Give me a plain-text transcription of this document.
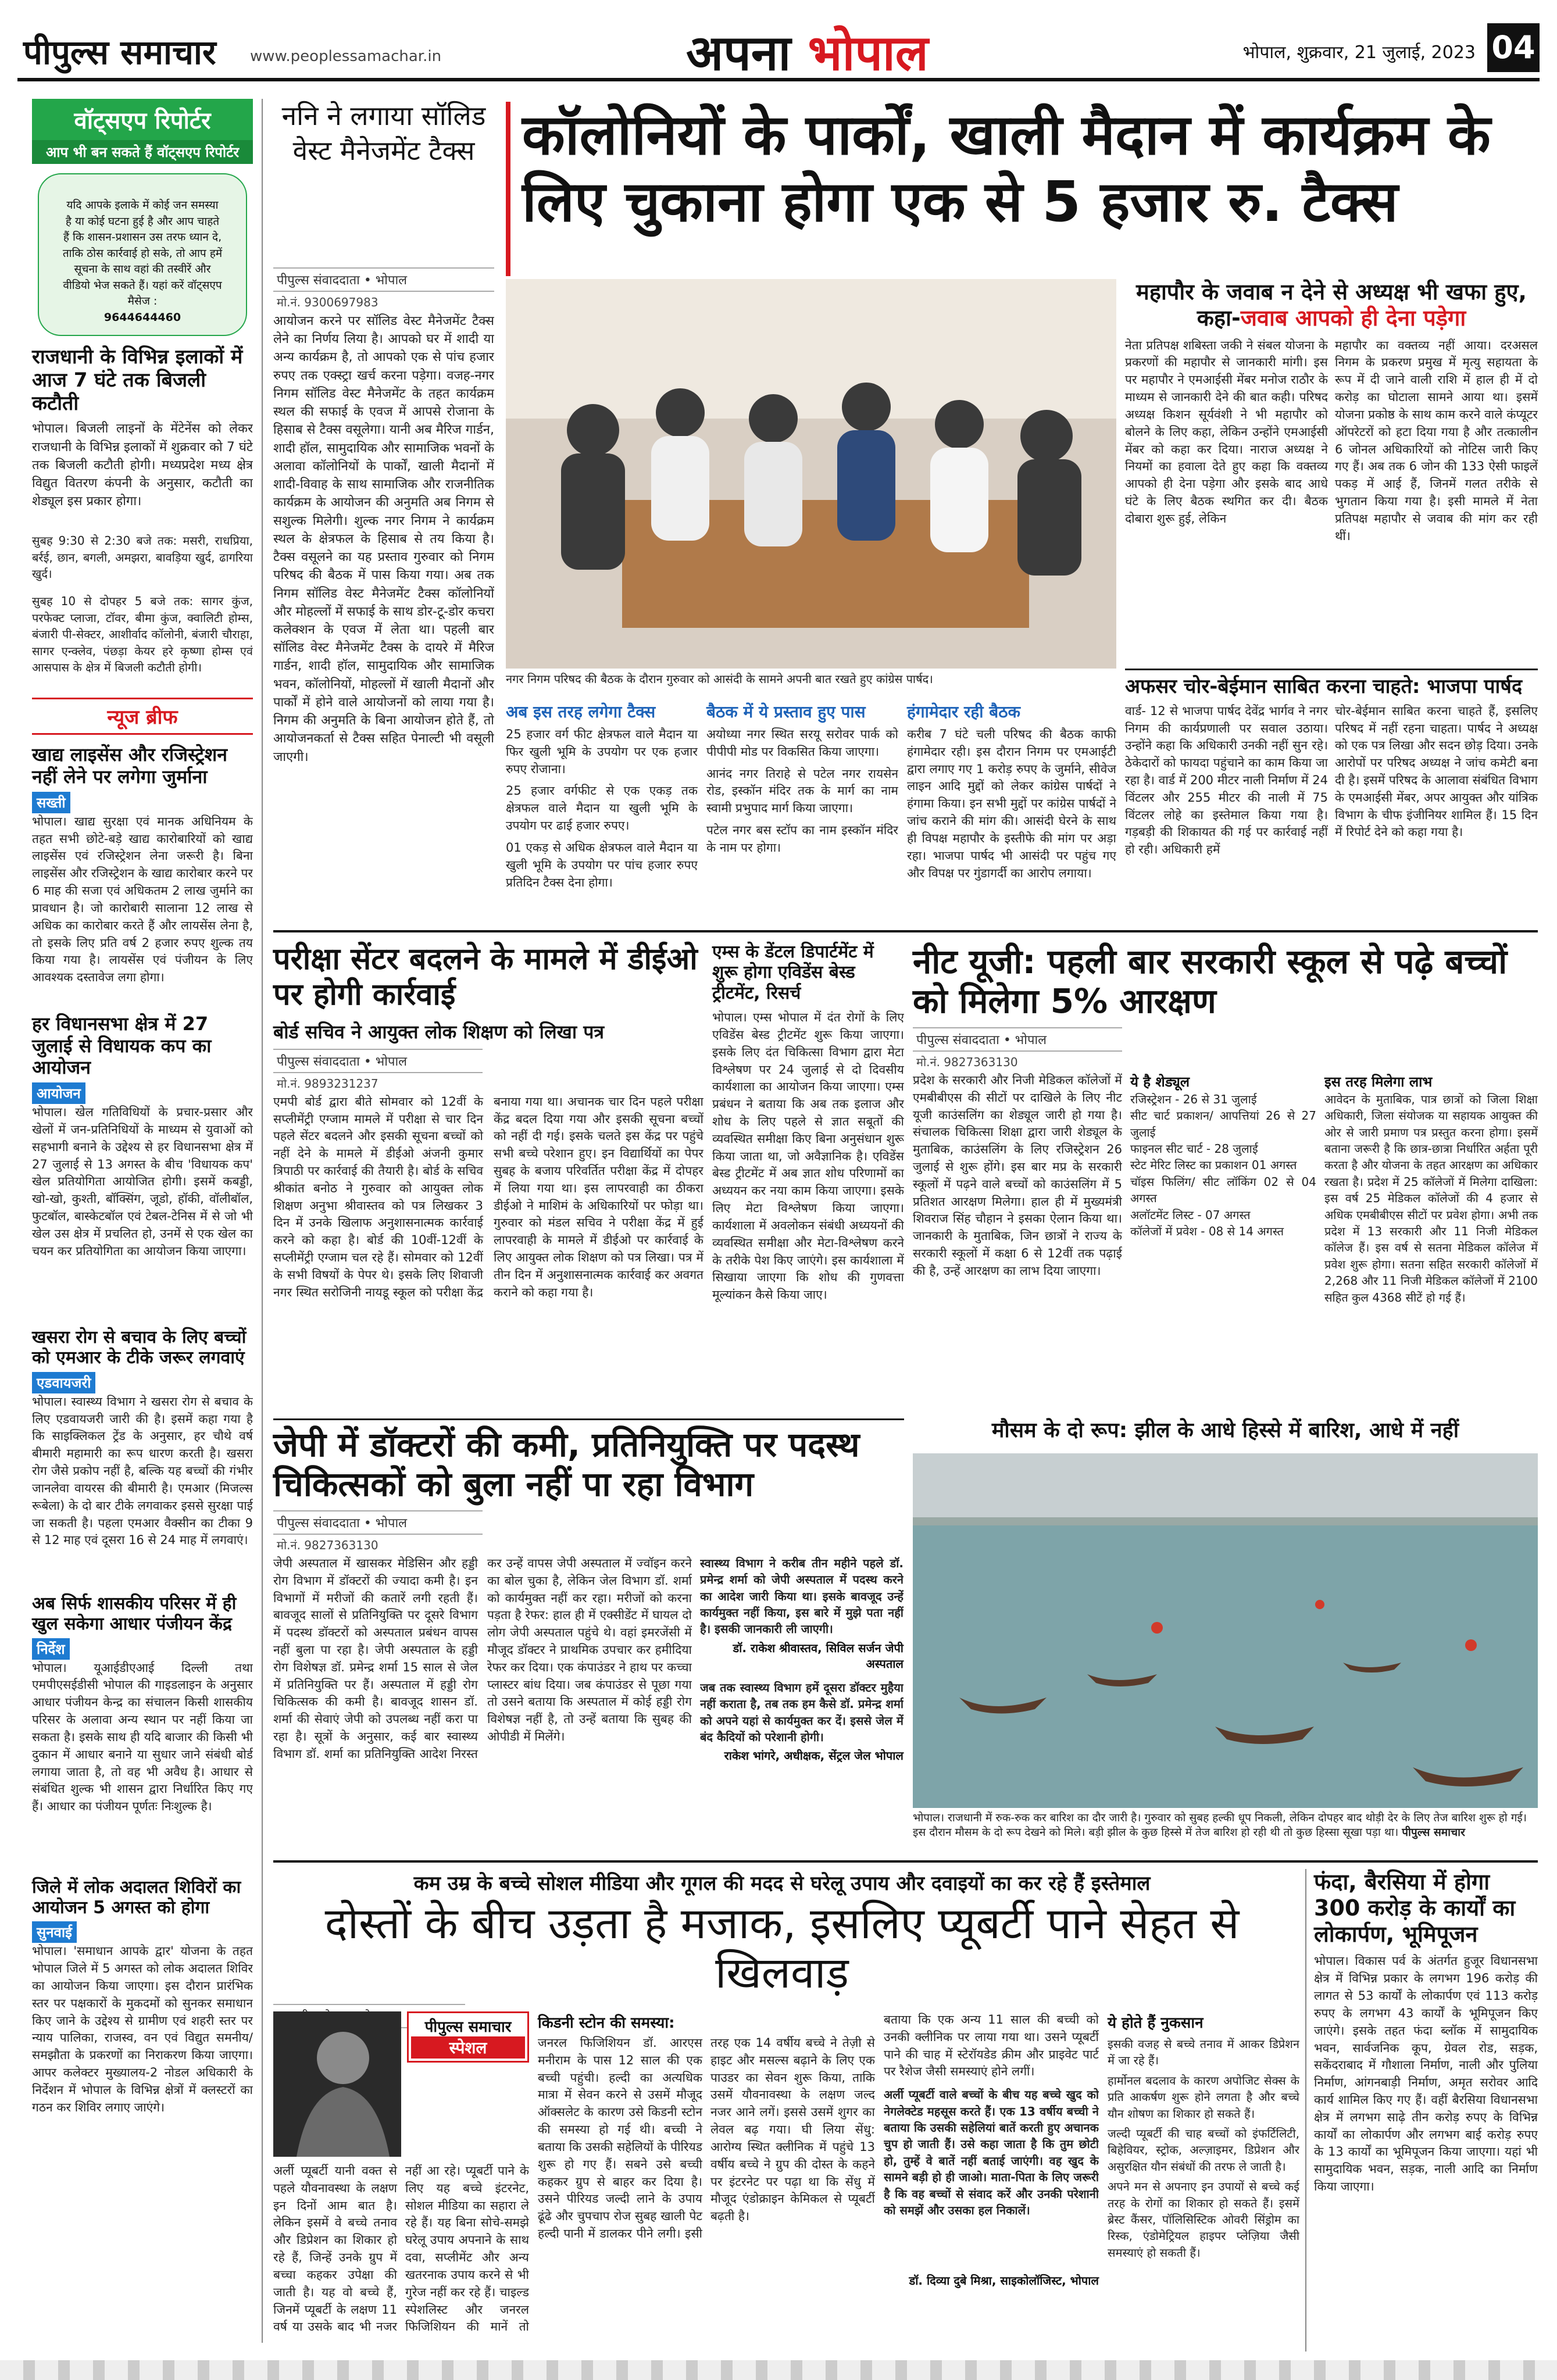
पीपुल्स समाचार www.peoplessamachar.in	अपना भोपाल	भोपाल, शुक्रवार, 21 जुलाई, 2023 04
वॉट्सएप रिपोर्टर
आप भी बन सकते हैं वॉट्सएप रिपोर्टर
यदि आपके इलाके में कोई जन समस्या है या कोई घटना हुई है और आप चाहते हैं कि शासन-प्रशासन उस तरफ ध्यान दे, ताकि ठोस कार्रवाई हो सके, तो आप हमें सूचना के साथ वहां की तस्वीरें और वीडियो भेज सकते हैं। यहां करें वॉट्सएप मैसेज :
9644644460
राजधानी के विभिन्न इलाकों में आज 7 घंटे तक बिजली कटौती
भोपाल। बिजली लाइनों के मेंटेनेंस को लेकर राजधानी के विभिन्न इलाकों में शुक्रवार को 7 घंटे तक बिजली कटौती होगी। मध्यप्रदेश मध्य क्षेत्र विद्युत वितरण कंपनी के अनुसार, कटौती का शेड्यूल इस प्रकार होगा।
सुबह 9:30 से 2:30 बजे तक: मसरी, राधप्रिया, बर्रई, छान, बगली, अमझरा, बावड़िया खुर्द, ढागरिया खुर्द।
सुबह 10 से दोपहर 5 बजे तक: सागर कुंज, परफेक्ट प्लाजा, टॉवर, बीमा कुंज, क्वालिटी होम्स, बंजारी पी-सेक्टर, आशीर्वाद कॉलोनी, बंजारी चौराहा, सागर एन्क्लेव, पंछड़ा केयर हरे कृष्णा होम्स एवं आसपास के क्षेत्र में बिजली कटौती होगी।
न्यूज ब्रीफ
खाद्य लाइसेंस और रजिस्ट्रेशन नहीं लेने पर लगेगा जुर्माना
सख्ती
भोपाल। खाद्य सुरक्षा एवं मानक अधिनियम के तहत सभी छोटे-बड़े खाद्य कारोबारियों को खाद्य लाइसेंस एवं रजिस्ट्रेशन लेना जरूरी है। बिना लाइसेंस और रजिस्ट्रेशन के खाद्य कारोबार करने पर 6 माह की सजा एवं अधिकतम 2 लाख जुर्माने का प्रावधान है। जो कारोबारी सालाना 12 लाख से अधिक का कारोबार करते हैं और लायसेंस लेना है, तो इसके लिए प्रति वर्ष 2 हजार रुपए शुल्क तय किया गया है। लायसेंस एवं पंजीयन के लिए आवश्यक दस्तावेज लगा होगा।
हर विधानसभा क्षेत्र में 27 जुलाई से विधायक कप का आयोजन
आयोजन
भोपाल। खेल गतिविधियों के प्रचार-प्रसार और खेलों में जन-प्रतिनिधियों के माध्यम से युवाओं को सहभागी बनाने के उद्देश्य से हर विधानसभा क्षेत्र में 27 जुलाई से 13 अगस्त के बीच 'विधायक कप' खेल प्रतियोगिता आयोजित होगी। इसमें कबड्डी, खो-खो, कुश्ती, बॉक्सिंग, जूडो, हॉकी, वॉलीबॉल, फुटबॉल, बास्केटबॉल एवं टेबल-टेनिस में से जो भी खेल उस क्षेत्र में प्रचलित हो, उनमें से एक खेल का चयन कर प्रतियोगिता का आयोजन किया जाएगा।
खसरा रोग से बचाव के लिए बच्चों को एमआर के टीके जरूर लगवाएं
एडवायजरी
भोपाल। स्वास्थ्य विभाग ने खसरा रोग से बचाव के लिए एडवायजरी जारी की है। इसमें कहा गया है कि साइक्लिकल ट्रेंड के अनुसार, हर चौथे वर्ष बीमारी महामारी का रूप धारण करती है। खसरा रोग जैसे प्रकोप नहीं है, बल्कि यह बच्चों की गंभीर जानलेवा वायरस की बीमारी है। एमआर (मिजल्स रूबेला) के दो बार टीके लगवाकर इससे सुरक्षा पाई जा सकती है। पहला एमआर वैक्सीन का टीका 9 से 12 माह एवं दूसरा 16 से 24 माह में लगवाएं।
अब सिर्फ शासकीय परिसर में ही खुल सकेगा आधार पंजीयन केंद्र
निर्देश
भोपाल। यूआईडीएआई दिल्ली तथा एमपीएसईडीसी भोपाल की गाइडलाइन के अनुसार आधार पंजीयन केन्द्र का संचालन किसी शासकीय परिसर के अलावा अन्य स्थान पर नहीं किया जा सकता है। इसके साथ ही यदि बाजार की किसी भी दुकान में आधार बनाने या सुधार जाने संबंधी बोर्ड लगाया जाता है, तो वह भी अवैध है। आधार से संबंधित शुल्क भी शासन द्वारा निर्धारित किए गए हैं। आधार का पंजीयन पूर्णतः निःशुल्क है।
जिले में लोक अदालत शिविरों का आयोजन 5 अगस्त को होगा
सुनवाई
भोपाल। 'समाधान आपके द्वार' योजना के तहत भोपाल जिले में 5 अगस्त को लोक अदालत शिविर का आयोजन किया जाएगा। इस दौरान प्रारंभिक स्तर पर पक्षकारों के मुकदमों को सुनकर समाधान किए जाने के उद्देश्य से ग्रामीण एवं शहरी स्तर पर न्याय पालिका, राजस्व, वन एवं विद्युत समनीय/समझौता के प्रकरणों का निराकरण किया जाएगा। आपर कलेक्टर मुख्यालय-2 नोडल अधिकारी के निर्देशन में भोपाल के विभिन्न क्षेत्रों में क्लस्टरों का गठन कर शिविर लगाए जाएंगे।
ननि ने लगाया सॉलिड वेस्ट मैनेजमेंट टैक्स
पीपुल्स संवाददाता • भोपाल
मो.नं. 9300697983
आयोजन करने पर सॉलिड वेस्ट मैनेजमेंट टैक्स लेने का निर्णय लिया है। आपको घर में शादी या अन्य कार्यक्रम है, तो आपको एक से पांच हजार रुपए तक एक्स्ट्रा खर्च करना पड़ेगा। वजह-नगर निगम सॉलिड वेस्ट मैनेजमेंट के तहत कार्यक्रम स्थल की सफाई के एवज में आपसे रोजाना के हिसाब से टैक्स वसूलेगा। यानी अब मैरिज गार्डन, शादी हॉल, सामुदायिक और सामाजिक भवनों के अलावा कॉलोनियों के पार्कों, खाली मैदानों में शादी-विवाह के साथ सामाजिक और राजनीतिक कार्यक्रम के आयोजन की अनुमति अब निगम से सशुल्क मिलेगी। शुल्क नगर निगम ने कार्यक्रम स्थल के क्षेत्रफल के हिसाब से तय किया है। टैक्स वसूलने का यह प्रस्ताव गुरुवार को निगम परिषद की बैठक में पास किया गया। अब तक निगम सॉलिड वेस्ट मैनेजमेंट टैक्स कॉलोनियों और मोहल्लों में सफाई के साथ डोर-टू-डोर कचरा कलेक्शन के एवज में लेता था। पहली बार सॉलिड वेस्ट मैनेजमेंट टैक्स के दायरे में मैरिज गार्डन, शादी हॉल, सामुदायिक और सामाजिक भवन, कॉलोनियों, मोहल्लों में खाली मैदानों और पार्कों में होने वाले आयोजनों को लाया गया है। निगम की अनुमति के बिना आयोजन होते हैं, तो आयोजनकर्ता से टैक्स सहित पेनाल्टी भी वसूली जाएगी।
कॉलोनियों के पार्कों, खाली मैदान में कार्यक्रम के लिए चुकाना होगा एक से 5 हजार रु. टैक्स
नगर निगम परिषद की बैठक के दौरान गुरुवार को आसंदी के सामने अपनी बात रखते हुए कांग्रेस पार्षद।
अब इस तरह लगेगा टैक्स
25 हजार वर्ग फीट क्षेत्रफल वाले मैदान या फिर खुली भूमि के उपयोग पर एक हजार रुपए रोजाना।
25 हजार वर्गफीट से एक एकड़ तक क्षेत्रफल वाले मैदान या खुली भूमि के उपयोग पर ढाई हजार रुपए।
01 एकड़ से अधिक क्षेत्रफल वाले मैदान या खुली भूमि के उपयोग पर पांच हजार रुपए प्रतिदिन टैक्स देना होगा।
बैठक में ये प्रस्ताव हुए पास
अयोध्या नगर स्थित सरयू सरोवर पार्क को पीपीपी मोड पर विकसित किया जाएगा।
आनंद नगर तिराहे से पटेल नगर रायसेन रोड, इस्कॉन मंदिर तक के मार्ग का नाम स्वामी प्रभुपाद मार्ग किया जाएगा।
पटेल नगर बस स्टॉप का नाम इस्कॉन मंदिर के नाम पर होगा।
हंगामेदार रही बैठक
करीब 7 घंटे चली परिषद की बैठक काफी हंगामेदार रही। इस दौरान निगम पर एमआईटी द्वारा लगाए गए 1 करोड़ रुपए के जुर्माने, सीवेज लाइन आदि मुद्दों को लेकर कांग्रेस पार्षदों ने हंगामा किया। इन सभी मुद्दों पर कांग्रेस पार्षदों ने जांच कराने की मांग की। आसंदी घेरने के साथ ही विपक्ष महापौर के इस्तीफे की मांग पर अड़ा रहा। भाजपा पार्षद भी आसंदी पर पहुंच गए और विपक्ष पर गुंडागर्दी का आरोप लगाया।
महापौर के जवाब न देने से अध्यक्ष भी खफा हुए, कहा-जवाब आपको ही देना पड़ेगा
नेता प्रतिपक्ष शबिस्ता जकी ने संबल योजना के प्रकरणों की महापौर से जानकारी मांगी। इस पर महापौर ने एमआईसी मेंबर मनोज राठौर के माध्यम से जानकारी देने की बात कही। परिषद अध्यक्ष किशन सूर्यवंशी ने भी महापौर को बोलने के लिए कहा, लेकिन उन्होंने एमआईसी मेंबर को कहा कर दिया। नाराज अध्यक्ष ने नियमों का हवाला देते हुए कहा कि वक्तव्य आपको ही देना पड़ेगा और इसके बाद आधे घंटे के लिए बैठक स्थगित कर दी। बैठक दोबारा शुरू हुई, लेकिन
महापौर का वक्तव्य नहीं आया। दरअसल निगम के प्रकरण प्रमुख में मृत्यु सहायता के रूप में दी जाने वाली राशि में हाल ही में दो करोड़ का घोटाला सामने आया था। इसमें योजना प्रकोष्ठ के साथ काम करने वाले कंप्यूटर ऑपरेटरों को हटा दिया गया है और तत्कालीन 6 जोनल अधिकारियों को नोटिस जारी किए गए हैं। अब तक 6 जोन की 133 ऐसी फाइलें पकड़ में आई हैं, जिनमें गलत तरीके से भुगतान किया गया है। इसी मामले में नेता प्रतिपक्ष महापौर से जवाब की मांग कर रही थीं।
अफसर चोर-बेईमान साबित करना चाहते: भाजपा पार्षद
वार्ड- 12 से भाजपा पार्षद देवेंद्र भार्गव ने नगर निगम की कार्यप्रणाली पर सवाल उठाया। उन्होंने कहा कि अधिकारी उनकी नहीं सुन रहे। ठेकेदारों को फायदा पहुंचाने का काम किया जा रहा है। वार्ड में 200 मीटर नाली निर्माण में 24 विंटलर और 255 मीटर की नाली में 75 विंटलर लोहे का इस्तेमाल किया गया है। गड़बड़ी की शिकायत की गई पर कार्रवाई नहीं हो रही। अधिकारी हमें
चोर-बेईमान साबित करना चाहते हैं, इसलिए परिषद में नहीं रहना चाहता। पार्षद ने अध्यक्ष को एक पत्र लिखा और सदन छोड़ दिया। उनके आरोपों पर परिषद अध्यक्ष ने जांच कमेटी बना दी है। इसमें परिषद के आलावा संबंधित विभाग के एमआईसी मेंबर, अपर आयुक्त और यांत्रिक विभाग के चीफ इंजीनियर शामिल हैं। 15 दिन में रिपोर्ट देने को कहा गया है।
परीक्षा सेंटर बदलने के मामले में डीईओ पर होगी कार्रवाई
बोर्ड सचिव ने आयुक्त लोक शिक्षण को लिखा पत्र
पीपुल्स संवाददाता • भोपाल
मो.नं. 9893231237
एमपी बोर्ड द्वारा बीते सोमवार को 12वीं के सप्लीमेंट्री एग्जाम मामले में परीक्षा से चार दिन पहले सेंटर बदलने और इसकी सूचना बच्चों को नहीं देने के मामले में डीईओ अंजनी कुमार त्रिपाठी पर कार्रवाई की तैयारी है। बोर्ड के सचिव श्रीकांत बनोठ ने गुरुवार को आयुक्त लोक शिक्षण अनुभा श्रीवास्तव को पत्र लिखकर 3 दिन में उनके खिलाफ अनुशासनात्मक कार्रवाई करने को कहा है। बोर्ड की 10वीं-12वीं के सप्लीमेंट्री एग्जाम चल रहे हैं। सोमवार को 12वीं के सभी विषयों के पेपर थे। इसके लिए शिवाजी नगर स्थित सरोजिनी नायडू स्कूल को परीक्षा केंद्र बनाया गया था। अचानक चार दिन पहले परीक्षा केंद्र बदल दिया गया और इसकी सूचना बच्चों को नहीं दी गई। इसके चलते इस केंद्र पर पहुंचे सभी बच्चे परेशान हुए। इन विद्यार्थियों का पेपर सुबह के बजाय परिवर्तित परीक्षा केंद्र में दोपहर में लिया गया था। इस लापरवाही का ठीकरा डीईओ ने माशिमं के अधिकारियों पर फोड़ा था। गुरुवार को मंडल सचिव ने परीक्षा केंद्र में हुई लापरवाही के मामले में डीईओ पर कार्रवाई के लिए आयुक्त लोक शिक्षण को पत्र लिखा। पत्र में तीन दिन में अनुशासनात्मक कार्रवाई कर अवगत कराने को कहा गया है।
एम्स के डेंटल डिपार्टमेंट में शुरू होगा एविडेंस बेस्ड ट्रीटमेंट, रिसर्च
भोपाल। एम्स भोपाल में दंत रोगों के लिए एविडेंस बेस्ड ट्रीटमेंट शुरू किया जाएगा। इसके लिए दंत चिकित्सा विभाग द्वारा मेटा विश्लेषण पर 24 जुलाई से दो दिवसीय कार्यशाला का आयोजन किया जाएगा। एम्स प्रबंधन ने बताया कि अब तक इलाज और शोध के लिए पहले से ज्ञात सबूतों की व्यवस्थित समीक्षा किए बिना अनुसंधान शुरू किया जाता था, जो अवैज्ञानिक है। एविडेंस बेस्ड ट्रीटमेंट में अब ज्ञात शोध परिणामों का अध्ययन कर नया काम किया जाएगा। इसके लिए मेटा विश्लेषण किया जाएगा। कार्यशाला में अवलोकन संबंधी अध्ययनों की व्यवस्थित समीक्षा और मेटा-विश्लेषण करने के तरीके पेश किए जाएंगे। इस कार्यशाला में सिखाया जाएगा कि शोध की गुणवत्ता मूल्यांकन कैसे किया जाए।
नीट यूजी: पहली बार सरकारी स्कूल से पढ़े बच्चों को मिलेगा 5% आरक्षण
पीपुल्स संवाददाता • भोपाल
मो.नं. 9827363130
प्रदेश के सरकारी और निजी मेडिकल कॉलेजों में एमबीबीएस की सीटों पर दाखिले के लिए नीट यूजी काउंसलिंग का शेड्यूल जारी हो गया है। संचालक चिकित्सा शिक्षा द्वारा जारी शेड्यूल के मुताबिक, काउंसलिंग के लिए रजिस्ट्रेशन 26 जुलाई से शुरू होंगे। इस बार मप्र के सरकारी स्कूलों में पढ़ने वाले बच्चों को काउंसलिंग में 5 प्रतिशत आरक्षण मिलेगा। हाल ही में मुख्यमंत्री शिवराज सिंह चौहान ने इसका ऐलान किया था। जानकारी के मुताबिक, जिन छात्रों ने राज्य के सरकारी स्कूलों में कक्षा 6 से 12वीं तक पढ़ाई की है, उन्हें आरक्षण का लाभ दिया जाएगा।
ये है शेड्यूल
रजिस्ट्रेशन - 26 से 31 जुलाई
सीट चार्ट प्रकाशन/ आपत्तियां 26 से 27 जुलाई
फाइनल सीट चार्ट - 28 जुलाई
स्टेट मेरिट लिस्ट का प्रकाशन 01 अगस्त
चॉइस फिलिंग/ सीट लॉकिंग 02 से 04 अगस्त
अलॉटमेंट लिस्ट - 07 अगस्त
कॉलेजों में प्रवेश - 08 से 14 अगस्त
इस तरह मिलेगा लाभ
आवेदन के मुताबिक, पात्र छात्रों को जिला शिक्षा अधिकारी, जिला संयोजक या सहायक आयुक्त की ओर से जारी प्रमाण पत्र प्रस्तुत करना होगा। इसमें बताना जरूरी है कि छात्र-छात्रा निर्धारित अर्हता पूरी करता है और योजना के तहत आरक्षण का अधिकार रखता है। प्रदेश में 25 कॉलेजों में मिलेगा दाखिला: इस वर्ष 25 मेडिकल कॉलेजों की 4 हजार से अधिक एमबीबीएस सीटों पर प्रवेश होगा। अभी तक प्रदेश में 13 सरकारी और 11 निजी मेडिकल कॉलेज हैं। इस वर्ष से सतना मेडिकल कॉलेज में प्रवेश शुरू होगा। सतना सहित सरकारी कॉलेजों में 2,268 और 11 निजी मेडिकल कॉलेजों में 2100 सहित कुल 4368 सीटें हो गई हैं।
मौसम के दो रूप: झील के आधे हिस्से में बारिश, आधे में नहीं
भोपाल। राजधानी में रुक-रुक कर बारिश का दौर जारी है। गुरुवार को सुबह हल्की धूप निकली, लेकिन दोपहर बाद थोड़ी देर के लिए तेज बारिश शुरू हो गई। इस दौरान मौसम के दो रूप देखने को मिले। बड़ी झील के कुछ हिस्से में तेज बारिश हो रही थी तो कुछ हिस्सा सूखा पड़ा था। पीपुल्स समाचार
जेपी में डॉक्टरों की कमी, प्रतिनियुक्ति पर पदस्थ चिकित्सकों को बुला नहीं पा रहा विभाग
पीपुल्स संवाददाता • भोपाल
मो.नं. 9827363130
जेपी अस्पताल में खासकर मेडिसिन और हड्डी रोग विभाग में डॉक्टरों की ज्यादा कमी है। इन विभागों में मरीजों की कतारें लगी रहती हैं। बावजूद सालों से प्रतिनियुक्ति पर दूसरे विभाग में पदस्थ डॉक्टरों को अस्पताल प्रबंधन वापस नहीं बुला पा रहा है। जेपी अस्पताल के हड्डी रोग विशेषज्ञ डॉ. प्रमेन्द्र शर्मा 15 साल से जेल में प्रतिनियुक्ति पर हैं। अस्पताल में हड्डी रोग चिकित्सक की कमी है। बावजूद शासन डॉ. शर्मा की सेवाएं जेपी को उपलब्ध नहीं करा पा रहा है। सूत्रों के अनुसार, कई बार स्वास्थ्य विभाग डॉ. शर्मा का प्रतिनियुक्ति आदेश निरस्त कर उन्हें वापस जेपी अस्पताल में ज्वॉइन करने का बोल चुका है, लेकिन जेल विभाग डॉ. शर्मा को कार्यमुक्त नहीं कर रहा। मरीजों को करना पड़ता है रेफर: हाल ही में एक्सीडेंट में घायल दो लोग जेपी अस्पताल पहुंचे थे। वहां इमरजेंसी में मौजूद डॉक्टर ने प्राथमिक उपचार कर हमीदिया रेफर कर दिया। एक कंपाउंडर ने हाथ पर कच्चा प्लास्टर बांध दिया। जब कंपाउंडर से पूछा गया तो उसने बताया कि अस्पताल में कोई हड्डी रोग विशेषज्ञ नहीं है, तो उन्हें बताया कि सुबह की ओपीडी में मिलेंगे।
स्वास्थ्य विभाग ने करीब तीन महीने पहले डॉ. प्रमेन्द्र शर्मा को जेपी अस्पताल में पदस्थ करने का आदेश जारी किया था। इसके बावजूद उन्हें कार्यमुक्त नहीं किया, इस बारे में मुझे पता नहीं है। इसकी जानकारी ली जाएगी।
डॉ. राकेश श्रीवास्तव, सिविल सर्जन जेपी अस्पताल
जब तक स्वास्थ्य विभाग हमें दूसरा डॉक्टर मुहैया नहीं कराता है, तब तक हम कैसे डॉ. प्रमेन्द्र शर्मा को अपने यहां से कार्यमुक्त कर दें। इससे जेल में बंद कैदियों को परेशानी होगी।
राकेश भांगरे, अधीक्षक, सेंट्रल जेल भोपाल
कम उम्र के बच्चे सोशल मीडिया और गूगल की मदद से घरेलू उपाय और दवाइयों का कर रहे हैं इस्तेमाल
दोस्तों के बीच उड़ता है मजाक, इसलिए प्यूबर्टी पाने सेहत से खिलवाड़
पीपुल्स समाचार
स्पेशल
अर्ली प्यूबर्टी यानी वक्त से पहले यौवनावस्था के लक्षण इन दिनों आम बात है। लेकिन इसमें वे बच्चे तनाव और डिप्रेशन का शिकार हो रहे हैं, जिन्हें उनके ग्रुप में बच्चा कहकर उपेक्षा की जाती है। यह वो बच्चे हैं, जिनमें प्यूबर्टी के लक्षण 11 वर्ष या उसके बाद भी नजर नहीं आ रहे। प्यूबर्टी पाने के लिए यह बच्चे इंटरनेट, सोशल मीडिया का सहारा ले रहे हैं। यह बिना सोचे-समझे घरेलू उपाय अपनाने के साथ दवा, सप्लीमेंट और अन्य खतरनाक उपाय करने से भी गुरेज नहीं कर रहे हैं। चाइल्ड स्पेशलिस्ट और जनरल फिजिशियन की मानें तो
किडनी स्टोन की समस्या:
जनरल फिजिशियन डॉ. आरएस मनीराम के पास 12 साल की एक बच्ची पहुंची। हल्दी का अत्यधिक मात्रा में सेवन करने से उसमें मौजूद ऑक्सलेट के कारण उसे किडनी स्टोन की समस्या हो गई थी। बच्ची ने बताया कि उसकी सहेलियों के पीरियड शुरू हो गए हैं। सबने उसे बच्ची कहकर ग्रुप से बाहर कर दिया है। उसने पीरियड जल्दी लाने के उपाय ढूंढे और चुपचाप रोज सुबह खाली पेट हल्दी पानी में डालकर पीने लगी। इसी तरह एक 14 वर्षीय बच्चे ने तेज़ी से हाइट और मसल्स बढ़ाने के लिए एक पाउडर का सेवन शुरू किया, ताकि उसमें यौवनावस्था के लक्षण जल्द नजर आने लगें। इससे उसमें शुगर का लेवल बढ़ गया। घी लिया सेंधु: आरोग्य स्थित क्लीनिक में पहुंचे 13 वर्षीय बच्चे ने ग्रुप की दोस्त के कहने पर इंटरनेट पर पढ़ा था कि सेंधु में मौजूद एंडोक्राइन केमिकल से प्यूबर्टी बढ़ती है।
बताया कि एक अन्य 11 साल की बच्ची को उनकी क्लीनिक पर लाया गया था। उसने प्यूबर्टी पाने की चाह में स्टेरॉयडेड क्रीम और प्राइवेट पार्ट पर रैशेज जैसी समस्याएं होने लगीं।
अर्ली प्यूबर्टी वाले बच्चों के बीच यह बच्चे खुद को नेगलेक्टेड महसूस करते हैं। एक 13 वर्षीय बच्ची ने बताया कि उसकी सहेलियां बातें करती हुए अचानक चुप हो जाती हैं। उसे कहा जाता है कि तुम छोटी हो, तुम्हें वे बातें नहीं बताई जाएंगी। वह खुद के सामने बड़ी हो ही जाओ। माता-पिता के लिए जरूरी है कि वह बच्चों से संवाद करें और उनकी परेशानी को समझें और उसका हल निकालें।
डॉ. दिव्या दुबे मिश्रा, साइकोलॉजिस्ट, भोपाल
ये होते हैं नुकसान
इसकी वजह से बच्चे तनाव में आकर डिप्रेशन में जा रहे हैं।
हार्मोनल बदलाव के कारण अपोजिट सेक्स के प्रति आकर्षण शुरू होने लगता है और बच्चे यौन शोषण का शिकार हो सकते हैं।
जल्दी प्यूबर्टी की चाह बच्चों को इंफर्टिलिटी, बिहेवियर, स्ट्रोक, अल्ज़ाइमर, डिप्रेशन और असुरक्षित यौन संबंधों की तरफ ले जाती है।
अपने मन से अपनाए इन उपायों से बच्चे कई तरह के रोगों का शिकार हो सकते हैं। इसमें ब्रेस्ट कैंसर, पॉलिसिस्टिक ओवरी सिंड्रोम का रिस्क, एंडोमेट्रियल हाइपर प्लेज़िया जैसी समस्याएं हो सकती हैं।
फंदा, बैरसिया में होगा 300 करोड़ के कार्यों का लोकार्पण, भूमिपूजन
भोपाल। विकास पर्व के अंतर्गत हुजूर विधानसभा क्षेत्र में विभिन्न प्रकार के लगभग 196 करोड़ की लागत से 53 कार्यों के लोकार्पण एवं 113 करोड़ रुपए के लगभग 43 कार्यों के भूमिपूजन किए जाएंगे। इसके तहत फंदा ब्लॉक में सामुदायिक भवन, सार्वजनिक कूप, ग्रेवल रोड, सड़क, सकेंदराबाद में गौशाला निर्माण, नाली और पुलिया निर्माण, आंगनबाड़ी निर्माण, अमृत सरोवर आदि कार्य शामिल किए गए हैं। वहीं बैरसिया विधानसभा क्षेत्र में लगभग साढ़े तीन करोड़ रुपए के विभिन्न कार्यों का लोकार्पण और लगभग बाई करोड़ रुपए के 13 कार्यों का भूमिपूजन किया जाएगा। यहां भी सामुदायिक भवन, सड़क, नाली आदि का निर्माण किया जाएगा।
